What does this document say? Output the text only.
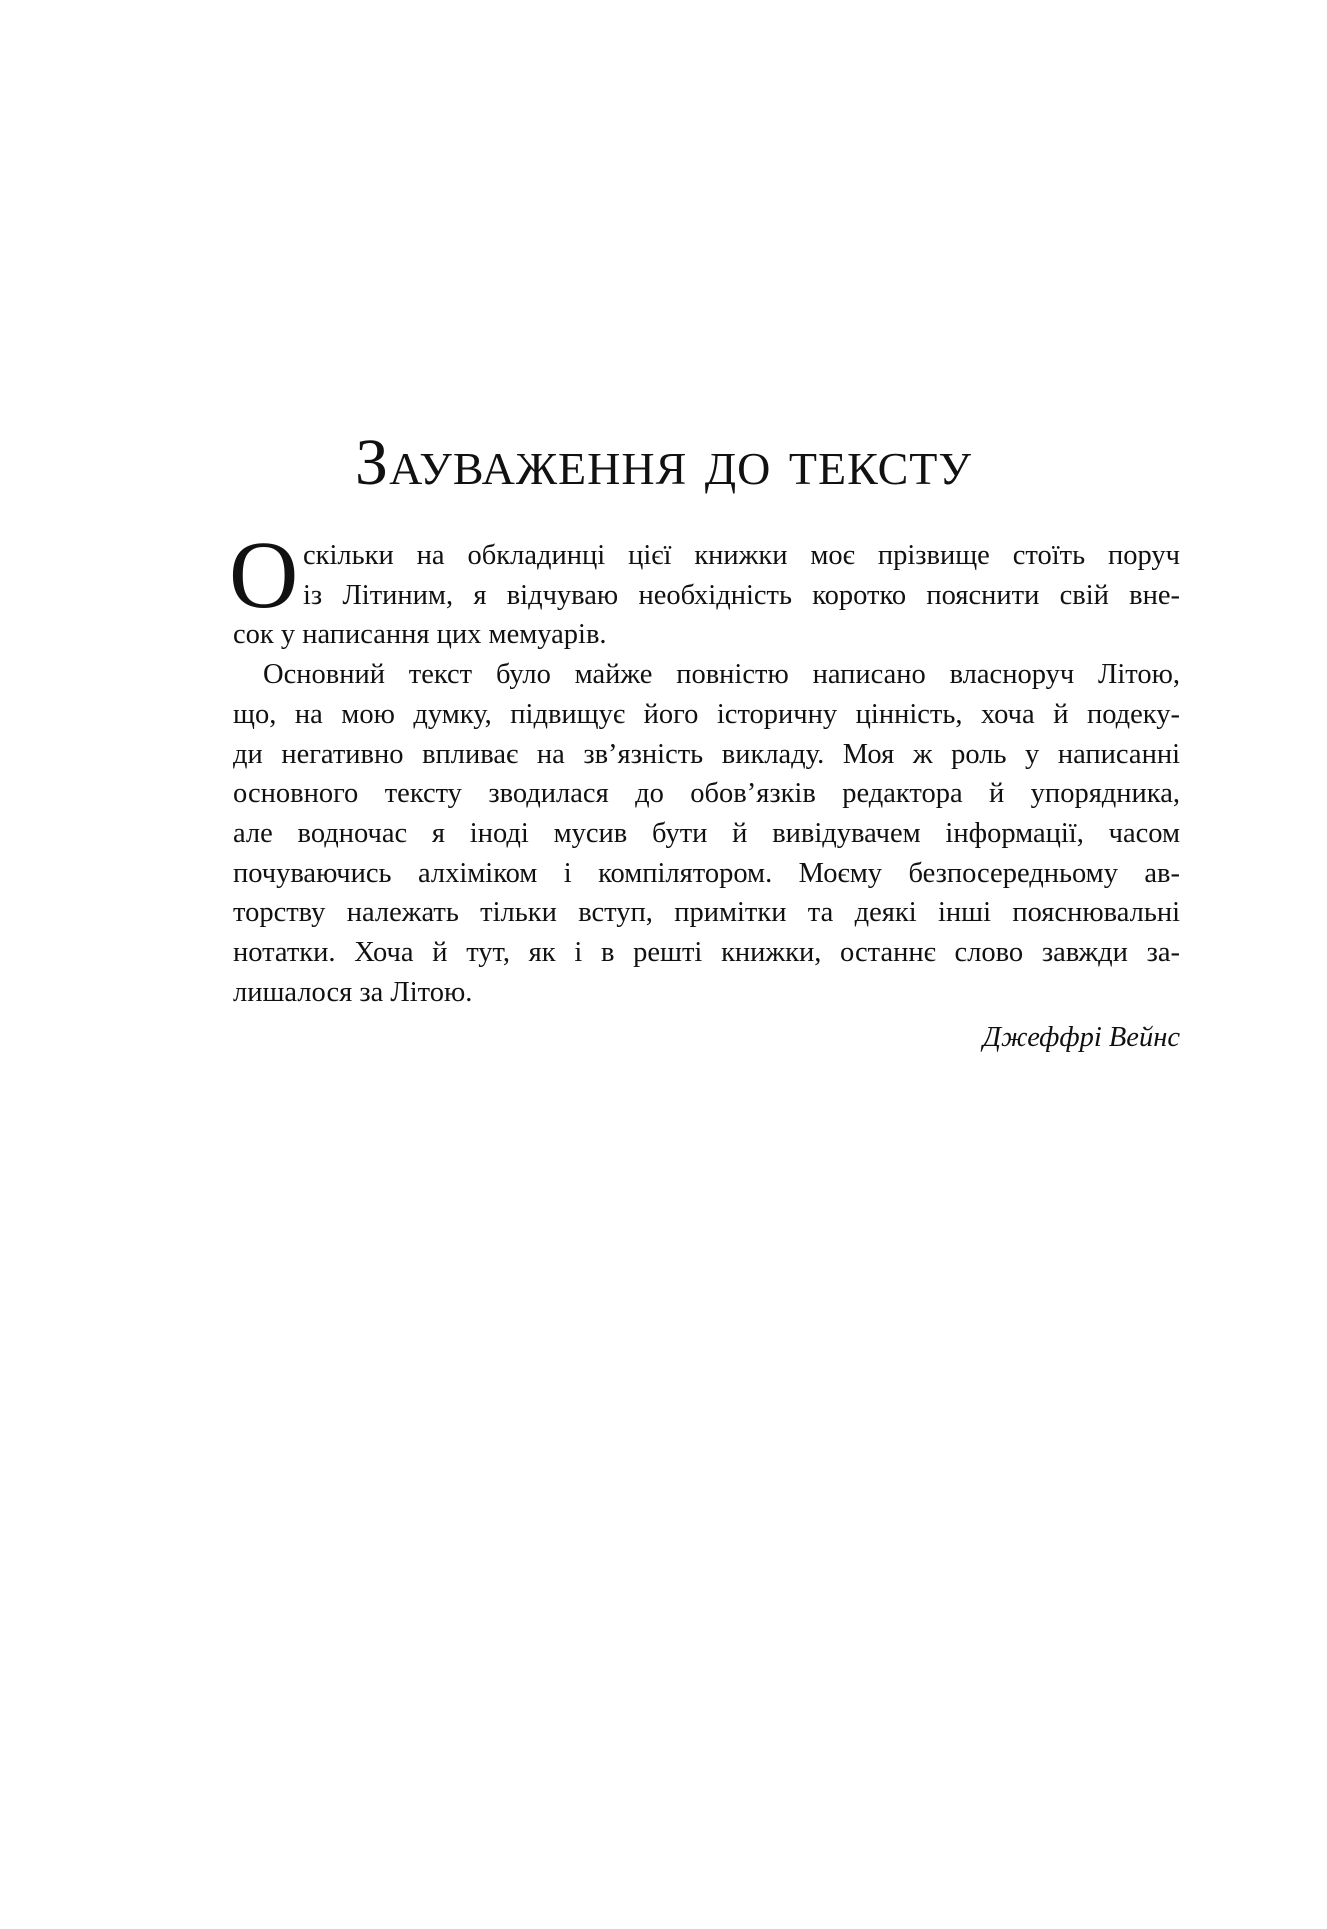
Зауваження до тексту
О скільки на обкладинці цієї книжки моє прізвище стоїть поруч
із Літиним, я відчуваю необхідність коротко пояснити свій вне-
сок у написання цих мемуарів.
Основний текст було майже повністю написано власноруч Літою,
що, на мою думку, підвищує його історичну цінність, хоча й подеку-
ди негативно впливає на зв’язність викладу. Моя ж роль у написанні
основного тексту зводилася до обов’язків редактора й упорядника,
але водночас я іноді мусив бути й вивідувачем інформації, часом
почуваючись алхіміком і компілятором. Моєму безпосередньому ав-
торству належать тільки вступ, примітки та деякі інші пояснювальні
нотатки. Хоча й тут, як і в решті книжки, останнє слово завжди за-
лишалося за Літою.
Джеффрі Вейнс
